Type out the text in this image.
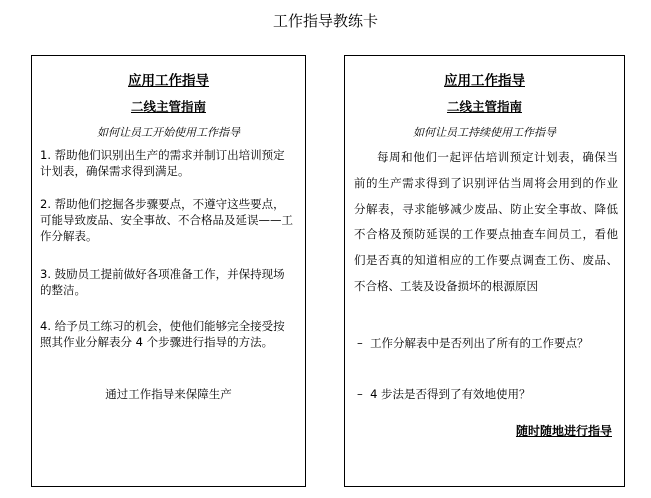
工作指导教练卡
应用工作指导
二线主管指南
如何让员工开始使用工作指导
1. 帮助他们识别出生产的需求并制订出培训预定计划表，确保需求得到满足。
2. 帮助他们挖掘各步骤要点，不遵守这些要点，可能导致废品、安全事故、不合格品及延误——工作分解表。
3. 鼓励员工提前做好各项准备工作，并保持现场的整洁。
4. 给予员工练习的机会，使他们能够完全接受按照其作业分解表分 4 个步骤进行指导的方法。
通过工作指导来保障生产
应用工作指导
二线主管指南
如何让员工持续使用工作指导
每周和他们一起评估培训预定计划表，确保当前的生产需求得到了识别评估当周将会用到的作业分解表，寻求能够减少废品、防止安全事故、降低不合格及预防延误的工作要点抽查车间员工，看他们是否真的知道相应的工作要点调查工伤、废品、不合格、工装及设备损坏的根源原因
– 工作分解表中是否列出了所有的工作要点？
– 4 步法是否得到了有效地使用？
随时随地进行指导
